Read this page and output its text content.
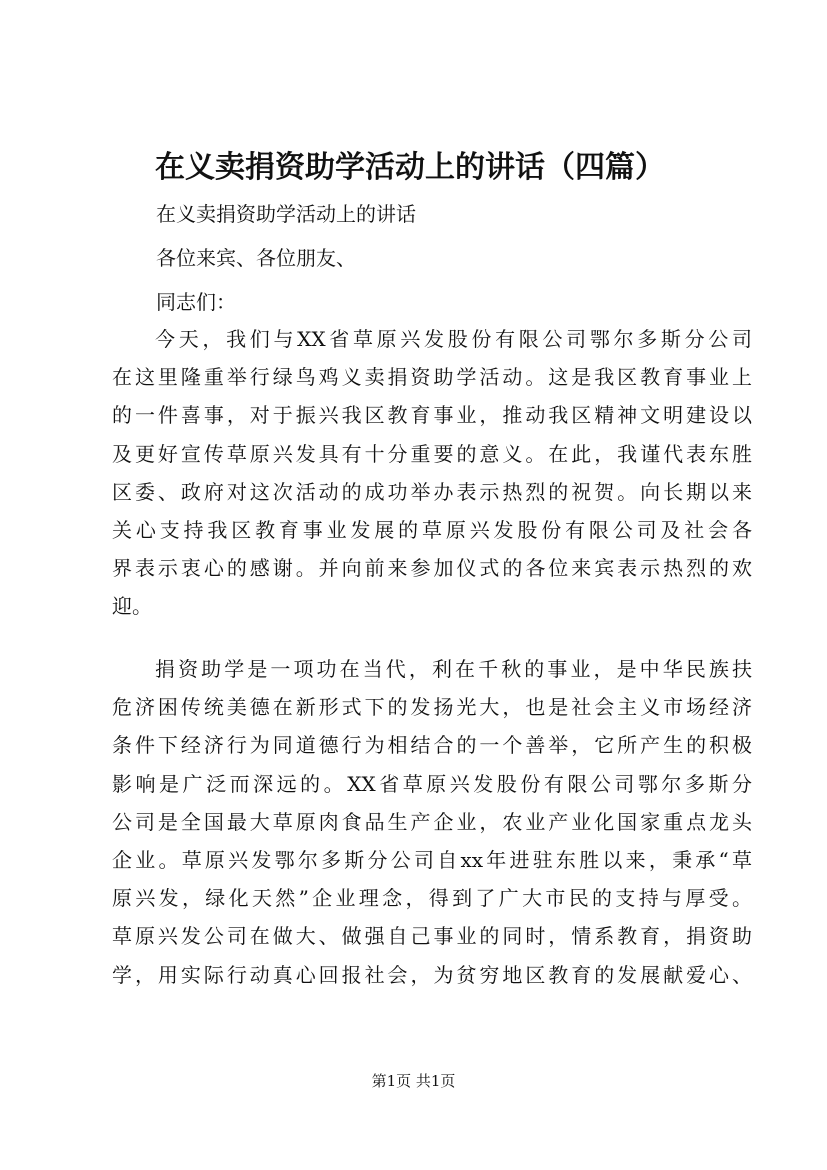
在义卖捐资助学活动上的讲话（四篇）
在义卖捐资助学活动上的讲话
各位来宾、各位朋友、
同志们：
今天，我们与XX省草原兴发股份有限公司鄂尔多斯分公司
在这里隆重举行绿鸟鸡义卖捐资助学活动。这是我区教育事业上
的一件喜事，对于振兴我区教育事业，推动我区精神文明建设以
及更好宣传草原兴发具有十分重要的意义。在此，我谨代表东胜
区委、政府对这次活动的成功举办表示热烈的祝贺。向长期以来
关心支持我区教育事业发展的草原兴发股份有限公司及社会各
界表示衷心的感谢。并向前来参加仪式的各位来宾表示热烈的欢
迎。
捐资助学是一项功在当代，利在千秋的事业，是中华民族扶
危济困传统美德在新形式下的发扬光大，也是社会主义市场经济
条件下经济行为同道德行为相结合的一个善举，它所产生的积极
影响是广泛而深远的。XX省草原兴发股份有限公司鄂尔多斯分
公司是全国最大草原肉食品生产企业，农业产业化国家重点龙头
企业。草原兴发鄂尔多斯分公司自xx年进驻东胜以来，秉承“草
原兴发，绿化天然”企业理念，得到了广大市民的支持与厚受。
草原兴发公司在做大、做强自己事业的同时，情系教育，捐资助
学，用实际行动真心回报社会，为贫穷地区教育的发展献爱心、
第1页 共1页
